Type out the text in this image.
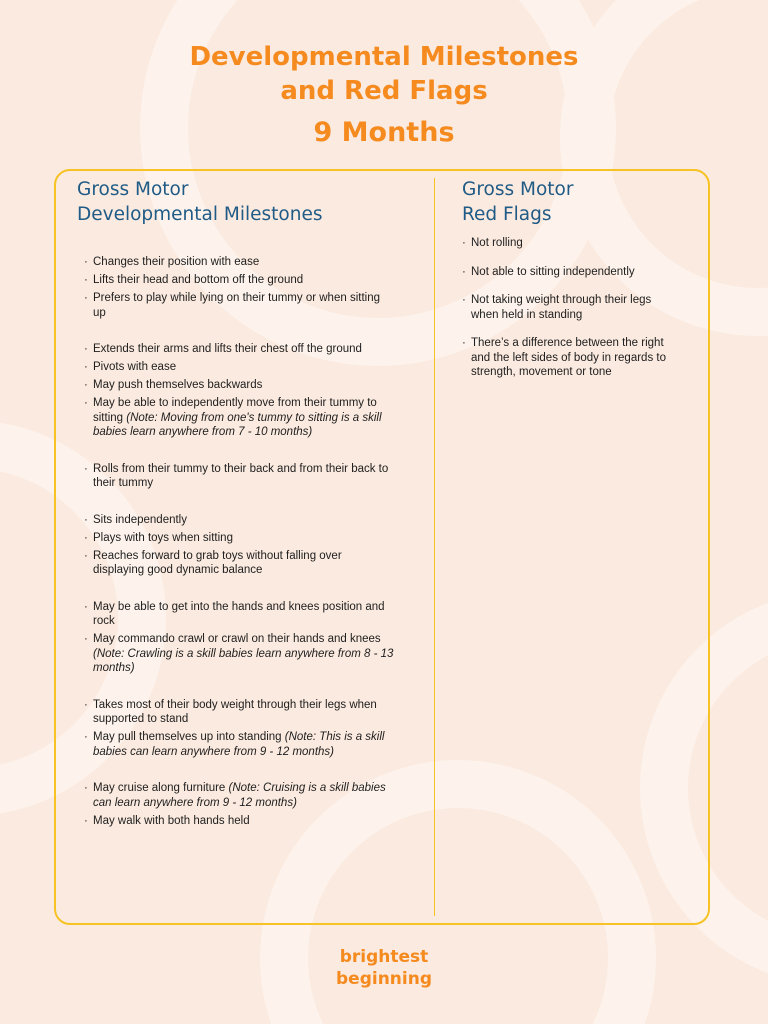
Developmental Milestones
and Red Flags
9 Months
Gross Motor
Developmental Milestones
· Changes their position with ease
· Lifts their head and bottom off the ground
· Prefers to play while lying on their tummy or when sitting up
· Extends their arms and lifts their chest off the ground
· Pivots with ease
· May push themselves backwards
· May be able to independently move from their tummy to sitting (Note: Moving from one's tummy to sitting is a skill babies learn anywhere from 7 - 10 months)
· Rolls from their tummy to their back and from their back to their tummy
· Sits independently
· Plays with toys when sitting
· Reaches forward to grab toys without falling over displaying good dynamic balance
· May be able to get into the hands and knees position and rock
· May commando crawl or crawl on their hands and knees (Note: Crawling is a skill babies learn anywhere from 8 - 13 months)
· Takes most of their body weight through their legs when supported to stand
· May pull themselves up into standing (Note: This is a skill babies can learn anywhere from 9 - 12 months)
· May cruise along furniture (Note: Cruising is a skill babies can learn anywhere from 9 - 12 months)
· May walk with both hands held
Gross Motor
Red Flags
· Not rolling
· Not able to sitting independently
· Not taking weight through their legs when held in standing
· There’s a difference between the right and the left sides of body in regards to strength, movement or tone
brightest
beginning
